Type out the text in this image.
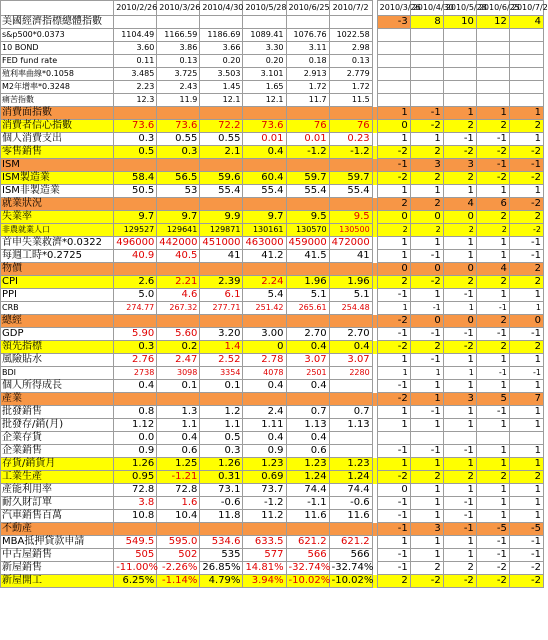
	2010/2/26	2010/3/26	2010/4/30	2010/5/28	2010/6/25	2010/7/2		2010/3/26	2010/4/30	2010/5/28	2010/6/25	2010/7/2
美國經濟指標總體指數								-3	8	10	12	4
s&p500*0.0373	1104.49	1166.59	1186.69	1089.41	1076.76	1022.58						
10 BOND	3.60	3.86	3.66	3.30	3.11	2.98						
FED fund rate	0.11	0.13	0.20	0.20	0.18	0.13						
殖利率曲線*0.1058	3.485	3.725	3.503	3.101	2.913	2.779						
M2年增率*0.3248	2.23	2.43	1.45	1.65	1.72	1.72						
痛苦指數	12.3	11.9	12.1	12.1	11.7	11.5						
消費面指數								1	-1	1	1	1
消費者信心指數	73.6	73.6	72.2	73.6	76	76		0	-2	2	2	2
個人消費支出	0.3	0.55	0.55	0.01	0.01	0.23		1	1	-1	-1	1
零售銷售	0.5	0.3	2.1	0.4	-1.2	-1.2		-2	2	-2	-2	-2
ISM								-1	3	3	-1	-1
ISM製造業	58.4	56.5	59.6	60.4	59.7	59.7		-2	2	2	-2	-2
ISM非製造業	50.5	53	55.4	55.4	55.4	55.4		1	1	1	1	1
就業狀況								2	2	4	6	-2
失業率	9.7	9.7	9.9	9.7	9.5	9.5		0	0	0	2	2
非農就業人口	129527	129641	129871	130161	130570	130500		2	2	2	2	-2
首申失業救濟*0.0322	496000	442000	451000	463000	459000	472000		1	1	1	1	-1
每週工時*0.2725	40.9	40.5	41	41.2	41.5	41		1	-1	1	1	-1
物價								0	0	0	4	2
CPI	2.6	2.21	2.39	2.24	1.96	1.96		2	-2	2	2	2
PPI	5.0	4.6	6.1	5.4	5.1	5.1		-1	1	-1	1	1
CRB	274.77	267.32	277.71	251.42	265.61	254.48		1	-1	1	-1	1
總經								-2	0	0	2	0
GDP	5.90	5.60	3.20	3.00	2.70	2.70		-1	-1	-1	-1	-1
領先指標	0.3	0.2	1.4	0	0.4	0.4		-2	2	-2	2	2
風險貼水	2.76	2.47	2.52	2.78	3.07	3.07		1	-1	1	1	1
BDI	2738	3098	3354	4078	2501	2280		1	1	1	-1	-1
個人所得成長	0.4	0.1	0.1	0.4	0.4			-1	1	1	1	1
產業								-2	1	3	5	7
批發銷售	0.8	1.3	1.2	2.4	0.7	0.7		1	-1	1	-1	1
批發存/銷(月)	1.12	1.1	1.1	1.11	1.13	1.13		1	1	1	1	1
企業存貨	0.0	0.4	0.5	0.4	0.4							
企業銷售	0.9	0.6	0.3	0.9	0.6			-1	-1	-1	1	1
存貨/銷貨月	1.26	1.25	1.26	1.23	1.23	1.23		1	1	1	1	1
工業生產	0.95	-1.21	0.31	0.69	1.24	1.24		-2	2	2	2	2
產能利用率	72.8	72.8	73.1	73.7	74.4	74.4		0	1	1	1	1
耐久財訂單	3.8	1.6	-0.6	-1.2	-1.1	-0.6		-1	1	-1	1	1
汽車銷售百萬	10.8	10.4	11.8	11.2	11.6	11.6		-1	1	-1	1	1
不動產								-1	3	-1	-5	-5
MBA抵押貸款申請	549.5	595.0	534.6	633.5	621.2	621.2		1	1	1	-1	-1
中古屋銷售	505	502	535	577	566	566		-1	1	1	-1	-1
新屋銷售	-11.00%	-2.26%	26.85%	14.81%	-32.74%	-32.74%		-1	2	2	-2	-2
新屋開工	6.25%	-1.14%	4.79%	3.94%	-10.02%	-10.02%		2	-2	-2	-2	-2
